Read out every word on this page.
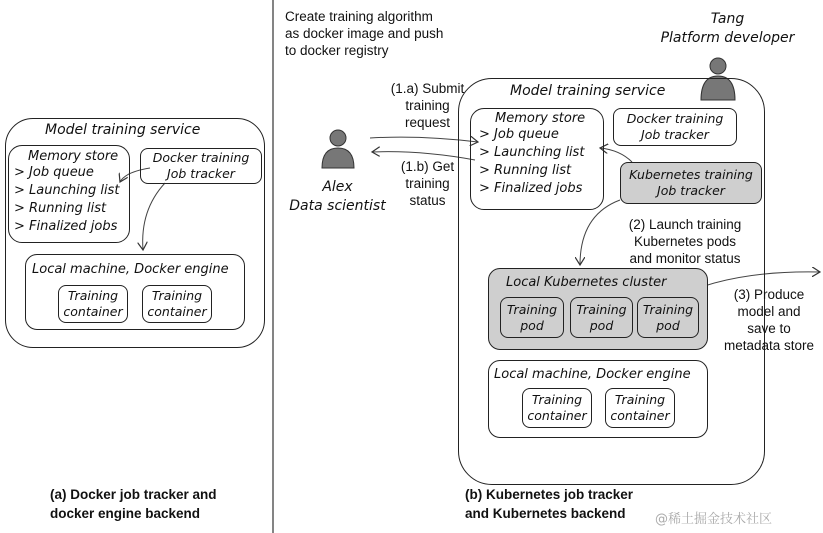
Model training service
Memory store
> Job queue
> Launching list
> Running list
> Finalized jobs
Docker training
Job tracker
Local machine, Docker engine
Training
container
Training
container
(a) Docker job tracker and
docker engine backend
Create training algorithm
as docker image and push
to docker registry
Tang
Platform developer
Alex
Data scientist
(1.a) Submit
training
request
(1.b) Get
training
status
Model training service
Memory store
> Job queue
> Launching list
> Running list
> Finalized jobs
Docker training
Job tracker
Kubernetes training
Job tracker
(2) Launch training
Kubernetes pods
and monitor status
Local Kubernetes cluster
Training
pod
Training
pod
Training
pod
(3) Produce
model and
save to
metadata store
Local machine, Docker engine
Training
container
Training
container
(b) Kubernetes job tracker
and Kubernetes backend	@稀土掘金技术社区
